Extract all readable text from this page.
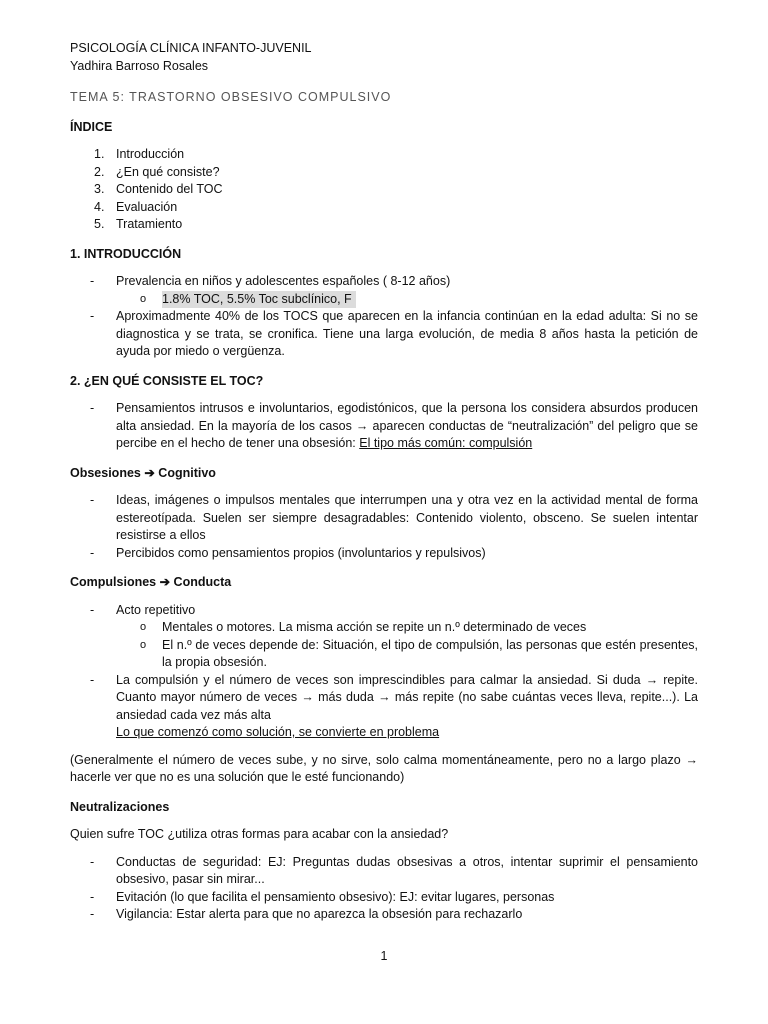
PSICOLOGÍA CLÍNICA INFANTO-JUVENIL
Yadhira Barroso Rosales
TEMA 5: TRASTORNO OBSESIVO COMPULSIVO
ÍNDICE
1. Introducción
2. ¿En qué consiste?
3. Contenido del TOC
4. Evaluación
5. Tratamiento
1. INTRODUCCIÓN
- Prevalencia en niños y adolescentes españoles ( 8-12 años)
o 1.8% TOC, 5.5% Toc subclínico, F
- Aproximadmente 40% de los TOCS que aparecen en la infancia continúan en la edad adulta: Si no se diagnostica y se trata, se cronifica. Tiene una larga evolución, de media 8 años hasta la petición de ayuda por miedo o vergüenza.
2. ¿EN QUÉ CONSISTE EL TOC?
- Pensamientos intrusos e involuntarios, egodistónicos, que la persona los considera absurdos producen alta ansiedad. En la mayoría de los casos → aparecen conductas de “neutralización” del peligro que se percibe en el hecho de tener una obsesión: El tipo más común: compulsión
Obsesiones ➔ Cognitivo
- Ideas, imágenes o impulsos mentales que interrumpen una y otra vez en la actividad mental de forma estereotípada. Suelen ser siempre desagradables: Contenido violento, obsceno. Se suelen intentar resistirse a ellos
- Percibidos como pensamientos propios (involuntarios y repulsivos)
Compulsiones ➔ Conducta
- Acto repetitivo
o Mentales o motores. La misma acción se repite un n.º determinado de veces
o El n.º de veces depende de: Situación, el tipo de compulsión, las personas que estén presentes, la propia obsesión.
- La compulsión y el número de veces son imprescindibles para calmar la ansiedad. Si duda → repite. Cuanto mayor número de veces → más duda → más repite (no sabe cuántas veces lleva, repite...). La ansiedad cada vez más alta
Lo que comenzó como solución, se convierte en problema

(Generalmente el número de veces sube, y no sirve, solo calma momentáneamente, pero no a largo plazo → hacerle ver que no es una solución que le esté funcionando)

Neutralizaciones

Quien sufre TOC ¿utiliza otras formas para acabar con la ansiedad?

- Conductas de seguridad: EJ: Preguntas dudas obsesivas a otros, intentar suprimir el pensamiento obsesivo, pasar sin mirar...
- Evitación (lo que facilita el pensamiento obsesivo): EJ: evitar lugares, personas
- Vigilancia: Estar alerta para que no aparezca la obsesión para rechazarlo
1
